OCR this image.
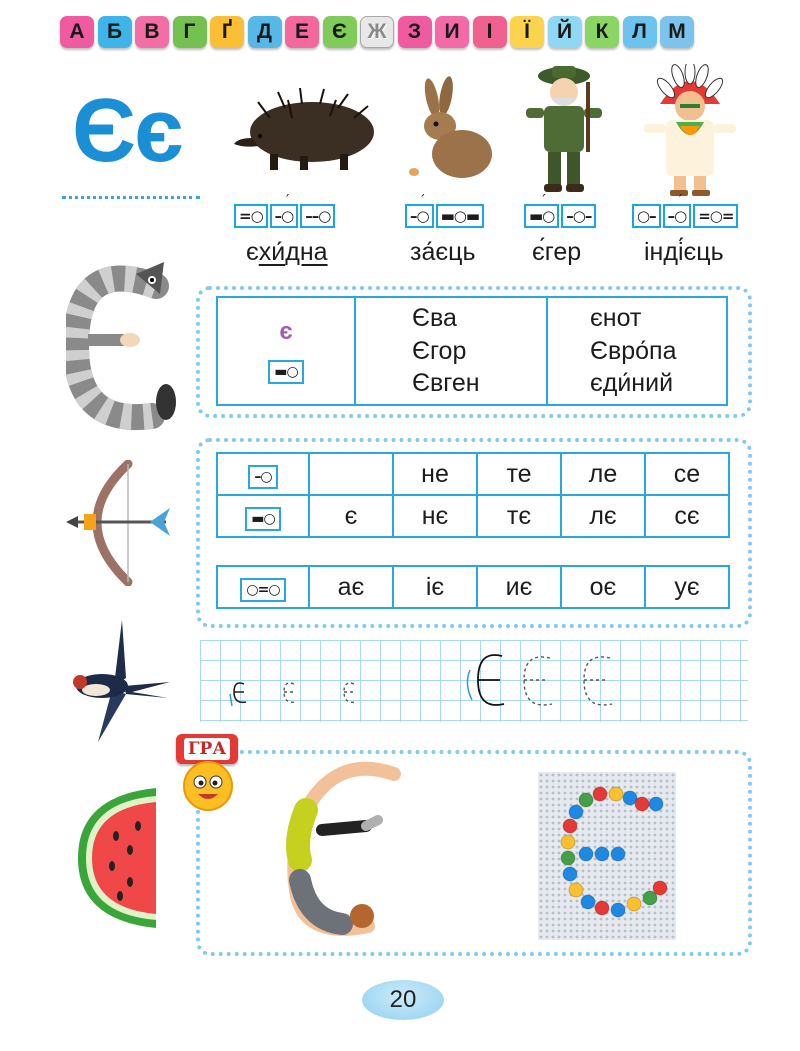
А	Б	В	Г	Ґ	Д	Е	Є Ж	З	И	І	Ї	Й	К	Л	М
Єє
=○ –○
´
––○	–○
´
▬○▬	▬○
´
–○–	○– –○
´
=○=
єхи́дна	за́єць є́гер	інді́єць
є
▬○

Єва
Єгор
Євген

єнот
Євро́па
єди́ний
–○		не	те	ле	се
▬○	є	нє	тє	лє	сє
○=○	ає	іє	иє	оє	ує
ГРА
20
